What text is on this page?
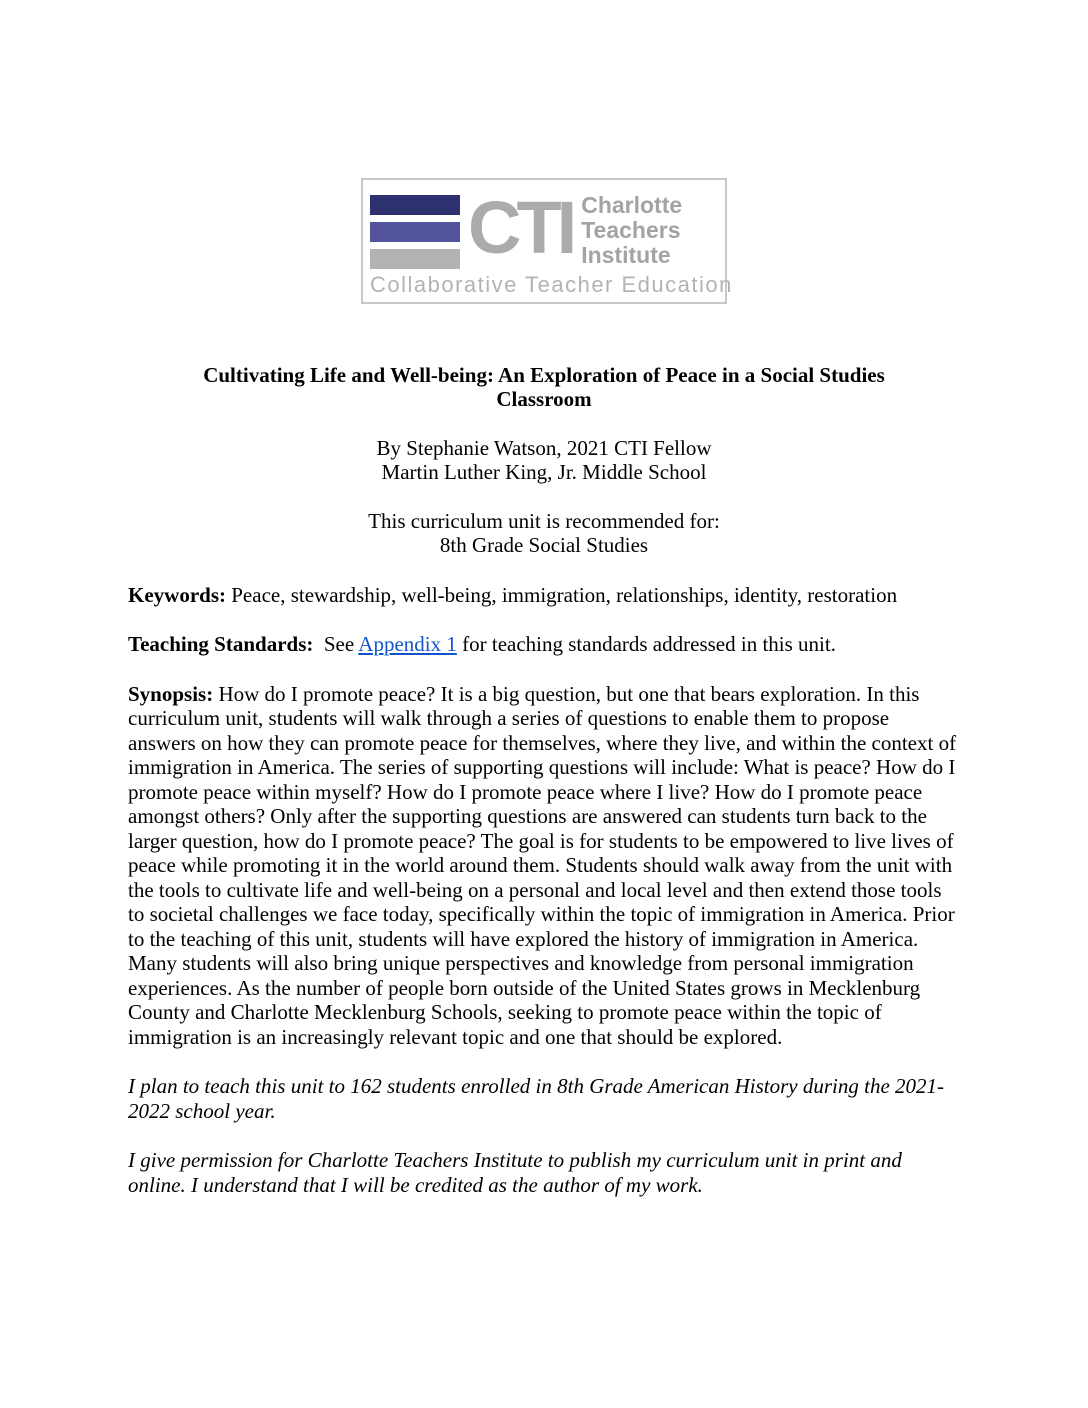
CTI Charlotte
Teachers
Institute
Collaborative Teacher Education
Cultivating Life and Well-being: An Exploration of Peace in a Social Studies Classroom
By Stephanie Watson, 2021 CTI Fellow
Martin Luther King, Jr. Middle School
This curriculum unit is recommended for:
8th Grade Social Studies

Keywords: Peace, stewardship, well-being, immigration, relationships, identity, restoration

Teaching Standards:  See Appendix 1 for teaching standards addressed in this unit.

Synopsis: How do I promote peace? It is a big question, but one that bears exploration. In this curriculum unit, students will walk through a series of questions to enable them to propose answers on how they can promote peace for themselves, where they live, and within the context of immigration in America. The series of supporting questions will include: What is peace? How do I promote peace within myself? How do I promote peace where I live? How do I promote peace amongst others? Only after the supporting questions are answered can students turn back to the larger question, how do I promote peace? The goal is for students to be empowered to live lives of peace while promoting it in the world around them. Students should walk away from the unit with the tools to cultivate life and well-being on a personal and local level and then extend those tools to societal challenges we face today, specifically within the topic of immigration in America. Prior to the teaching of this unit, students will have explored the history of immigration in America. Many students will also bring unique perspectives and knowledge from personal immigration experiences. As the number of people born outside of the United States grows in Mecklenburg County and Charlotte Mecklenburg Schools, seeking to promote peace within the topic of immigration is an increasingly relevant topic and one that should be explored.

I plan to teach this unit to 162 students enrolled in 8th Grade American History during the 2021-2022 school year.

I give permission for Charlotte Teachers Institute to publish my curriculum unit in print and online. I understand that I will be credited as the author of my work.
